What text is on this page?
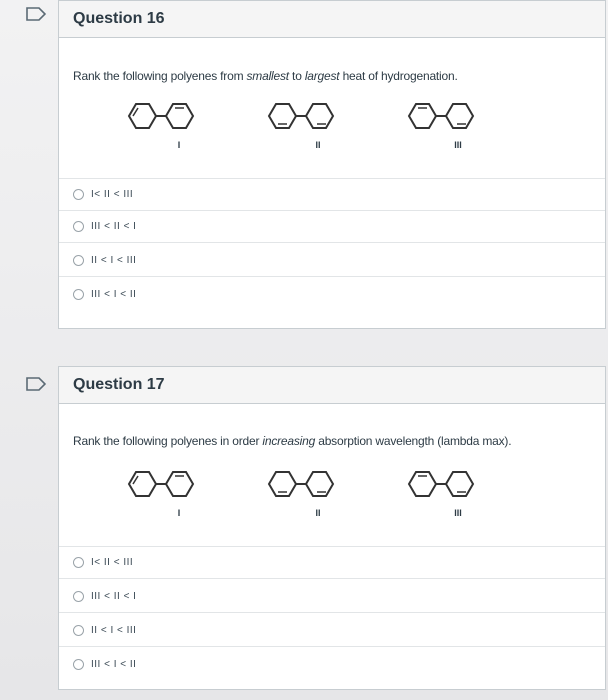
Question 16
Rank the following polyenes from smallest to largest heat of hydrogenation.
I	II	III
I< II < III
III < II < I
II < I < III
III < I < II
Question 17
Rank the following polyenes in order increasing absorption wavelength (lambda max).
I	II	III
I< II < III
III < II < I
II < I < III
III < I < II
